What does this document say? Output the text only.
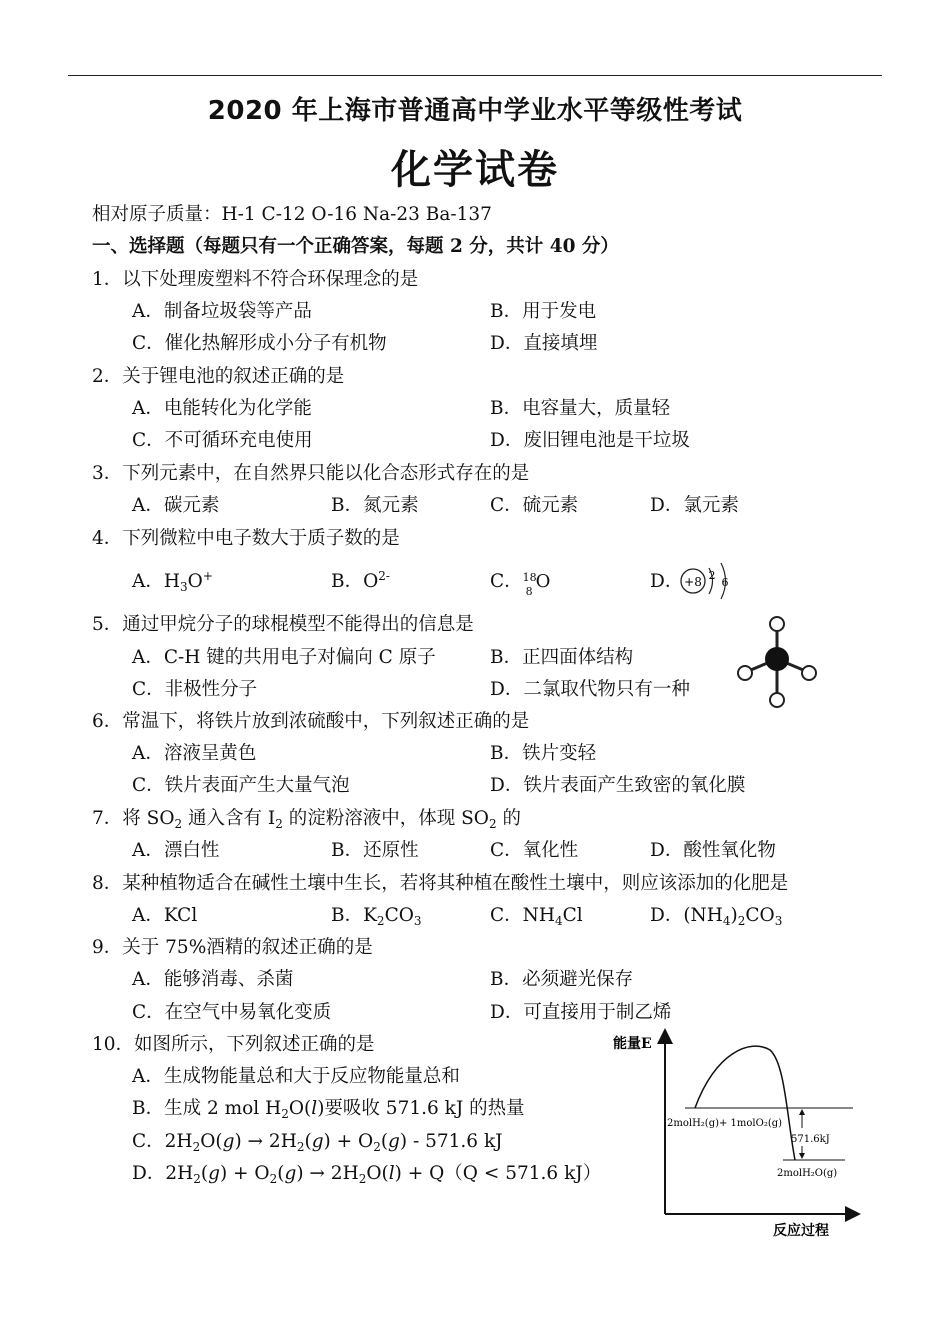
2020 年上海市普通高中学业水平等级性考试
化学试卷
相对原子质量：H-1 C-12 O-16 Na-23 Ba-137
一、选择题（每题只有一个正确答案，每题 2 分，共计 40 分）
1．以下处理废塑料不符合环保理念的是
A．制备垃圾袋等产品	B．用于发电
C．催化热解形成小分子有机物	D．直接填埋
2．关于锂电池的叙述正确的是
A．电能转化为化学能	B．电容量大，质量轻
C．不可循环充电使用	D．废旧锂电池是干垃圾
3．下列元素中，在自然界只能以化合态形式存在的是
A．碳元素	B．氮元素	C．硫元素	D．氯元素
4．下列微粒中电子数大于质子数的是
A．$H_3O^+$	B．$O^{2-}$	C． 18
8 O	D． +8 2
6
5．通过甲烷分子的球棍模型不能得出的信息是
A．C-H 键的共用电子对偏向 C 原子	B．正四面体结构
C．非极性分子	D．二氯取代物只有一种
6．常温下，将铁片放到浓硫酸中，下列叙述正确的是
A．溶液呈黄色	B．铁片变轻
C．铁片表面产生大量气泡	D．铁片表面产生致密的氧化膜
7．将 $SO_2$ 通入含有 $I_2$ 的淀粉溶液中，体现 $SO_2$ 的
A．漂白性	B．还原性	C．氧化性	D．酸性氧化物
8．某种植物适合在碱性土壤中生长，若将其种植在酸性土壤中，则应该添加的化肥是
A．KCl	B．$K_2CO_3$	C．$NH_4Cl$	D．$(NH_4)_2CO_3$
9．关于 75%酒精的叙述正确的是
A．能够消毒、杀菌	B．必须避光保存
C．在空气中易氧化变质	D．可直接用于制乙烯
10．如图所示，下列叙述正确的是
A．生成物能量总和大于反应物能量总和
B．生成 2 mol $H_2O(l)$要吸收 571.6 kJ 的热量
C．$2H_2O(g) \to 2H_2(g) + O_2(g) - 571.6$ kJ
D．$2H_2(g) + O_2(g) \to 2H_2O(l) + Q(Q < 571.6$ kJ）
能量E
反应过程
2molH₂(g)+ 1molO₂(g)
571.6kJ
2molH₂O(g)
